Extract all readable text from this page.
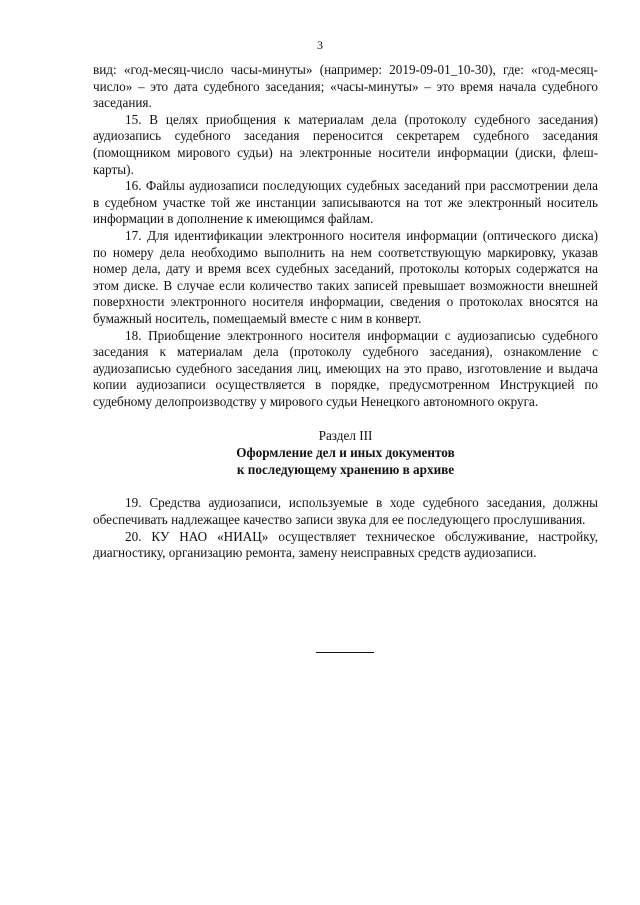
3

вид: «год-месяц-число часы-минуты» (например: 2019-09-01_10-30), где: «год-месяц-число» – это дата судебного заседания; «часы-минуты» – это время начала судебного заседания.

15. В целях приобщения к материалам дела (протоколу судебного заседания) аудиозапись судебного заседания переносится секретарем судебного заседания (помощником мирового судьи) на электронные носители информации (диски, флеш-карты).

16. Файлы аудиозаписи последующих судебных заседаний при рассмотрении дела в судебном участке той же инстанции записываются на тот же электронный носитель информации в дополнение к имеющимся файлам.

17. Для идентификации электронного носителя информации (оптического диска) по номеру дела необходимо выполнить на нем соответствующую маркировку, указав номер дела, дату и время всех судебных заседаний, протоколы которых содержатся на этом диске. В случае если количество таких записей превышает возможности внешней поверхности электронного носителя информации, сведения о протоколах вносятся на бумажный носитель, помещаемый вместе с ним в конверт.

18. Приобщение электронного носителя информации с аудиозаписью судебного заседания к материалам дела (протоколу судебного заседания), ознакомление с аудиозаписью судебного заседания лиц, имеющих на это право, изготовление и выдача копии аудиозаписи осуществляется в порядке, предусмотренном Инструкцией по судебному делопроизводству у мирового судьи Ненецкого автономного округа.

Раздел III
Оформление дел и иных документов
к последующему хранению в архиве

19. Средства аудиозаписи, используемые в ходе судебного заседания, должны обеспечивать надлежащее качество записи звука для ее последующего прослушивания.

20. КУ НАО «НИАЦ» осуществляет техническое обслуживание, настройку, диагностику, организацию ремонта, замену неисправных средств аудиозаписи.
